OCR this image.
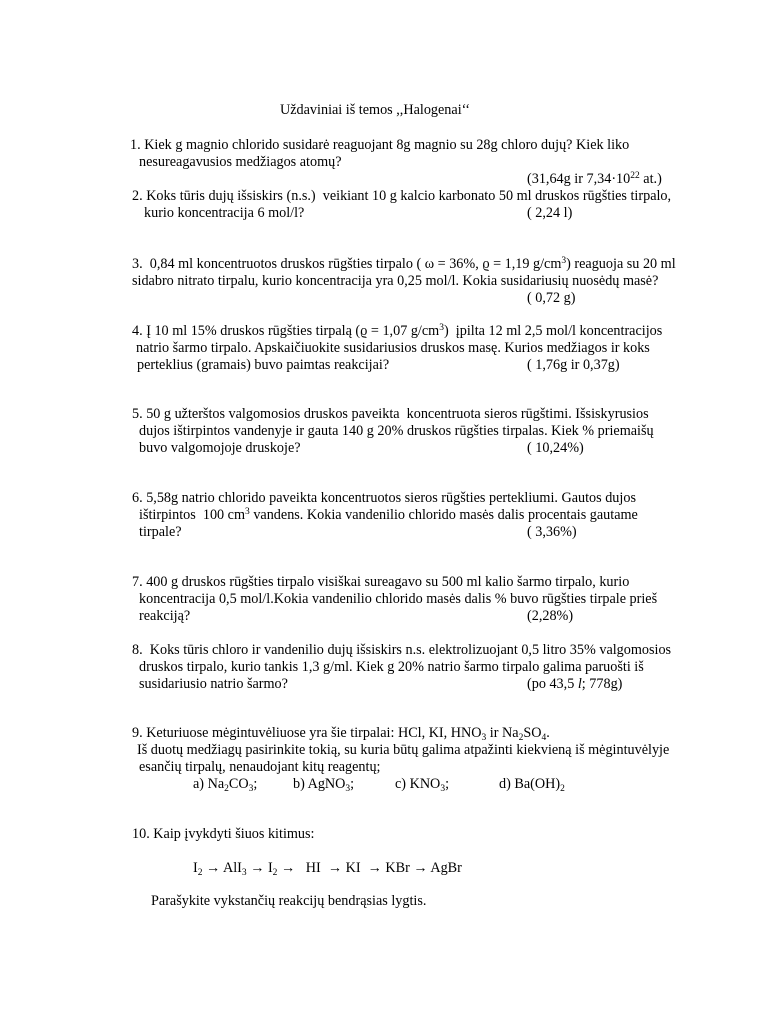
Uždaviniai iš temos ,,Halogenai‘‘
1. Kiek g magnio chlorido susidarė reaguojant 8g magnio su 28g chloro dujų? Kiek liko
nesureagavusios medžiagos atomų?
(31,64g ir $7,34\cdot 10^{22}$ at.)
2. Koks tūris dujų išsiskirs (n.s.)  veikiant 10 g kalcio karbonato 50 ml druskos rūgšties tirpalo,
kurio koncentracija 6 mol/l?	( 2,24 l)
3.  0,84 ml koncentruotos druskos rūgšties tirpalo ( ω = 36%, ϱ = 1,19 $g/cm^3$) reaguoja su 20 ml
sidabro nitrato tirpalu, kurio koncentracija yra 0,25 mol/l. Kokia susidariusių nuosėdų masė?
( 0,72 g)
4. Į 10 ml 15% druskos rūgšties tirpalą (ϱ = 1,07 $g/cm^3$)  įpilta 12 ml 2,5 mol/l koncentracijos
natrio šarmo tirpalo. Apskaičiuokite susidariusios druskos masę. Kurios medžiagos ir koks
perteklius (gramais) buvo paimtas reakcijai?	( 1,76g ir 0,37g)
5. 50 g užterštos valgomosios druskos paveikta  koncentruota sieros rūgštimi. Išsiskyrusios
dujos ištirpintos vandenyje ir gauta 140 g 20% druskos rūgšties tirpalas. Kiek % priemaišų
buvo valgomojoje druskoje?	( 10,24%)
6. 5,58g natrio chlorido paveikta koncentruotos sieros rūgšties pertekliumi. Gautos dujos
ištirpintos  100 $cm^3$ vandens. Kokia vandenilio chlorido masės dalis procentais gautame
tirpale?	( 3,36%)
7. 400 g druskos rūgšties tirpalo visiškai sureagavo su 500 ml kalio šarmo tirpalo, kurio
koncentracija 0,5 mol/l.Kokia vandenilio chlorido masės dalis % buvo rūgšties tirpale prieš
reakciją?	(2,28%)
8.  Koks tūris chloro ir vandenilio dujų išsiskirs n.s. elektrolizuojant 0,5 litro 35% valgomosios
druskos tirpalo, kurio tankis 1,3 g/ml. Kiek g 20% natrio šarmo tirpalo galima paruošti iš
susidariusio natrio šarmo?	(po 43,5 l; 778g)
9. Keturiuose mėgintuvėliuose yra šie tirpalai: HCl, KI, $HNO_3$ ir $Na_2SO_4$.
Iš duotų medžiagų pasirinkite tokią, su kuria būtų galima atpažinti kiekvieną iš mėgintuvėlyje
esančių tirpalų, nenaudojant kitų reagentų;
a) $Na_2CO_3$;	b) AgNO$_3$;	c) $KNO_3$;	d) $Ba(OH)_2$
10. Kaip įvykdyti šiuos kitimus:
$I_2 \to AlI_3 \to I_2$ →   HI  → KI  → KBr → AgBr
Parašykite vykstančių reakcijų bendrąsias lygtis.
